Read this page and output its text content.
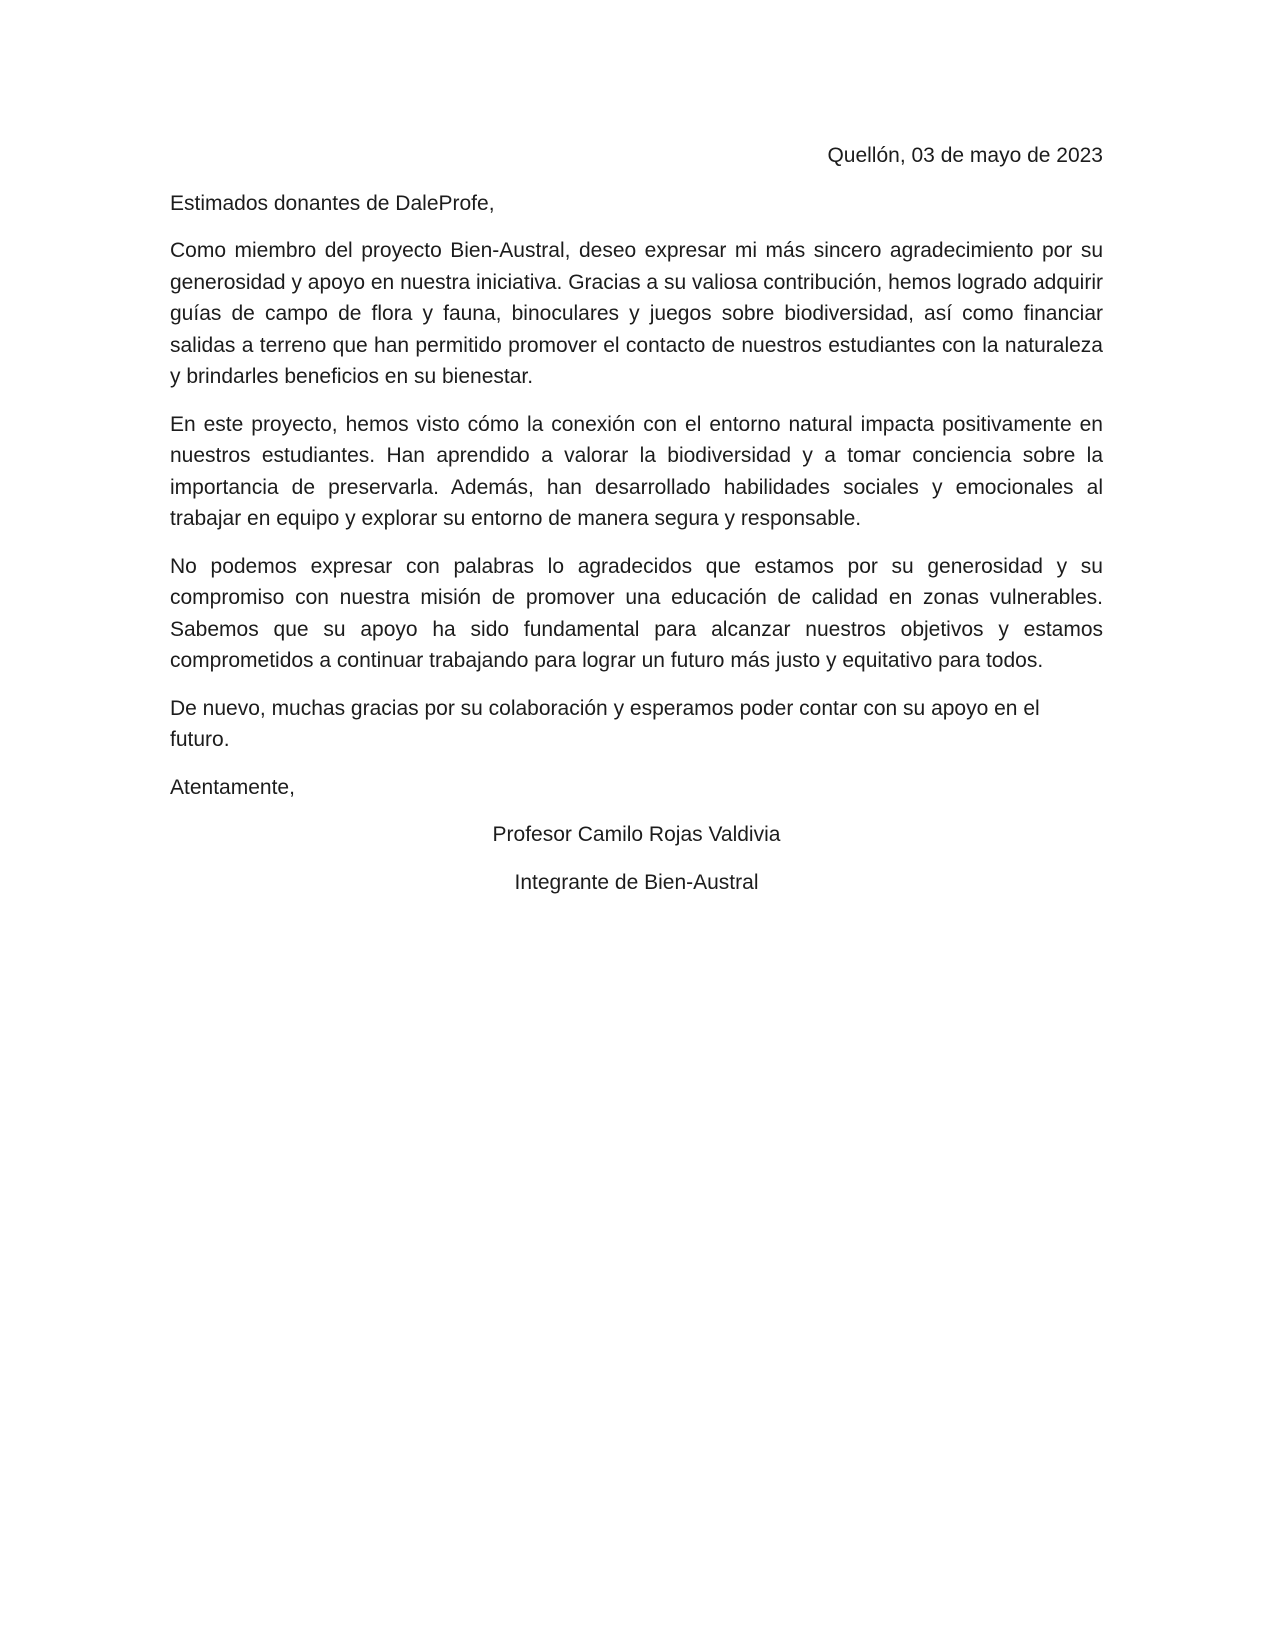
Quellón, 03 de mayo de 2023

Estimados donantes de DaleProfe,

Como miembro del proyecto Bien-Austral, deseo expresar mi más sincero agradecimiento por su generosidad y apoyo en nuestra iniciativa. Gracias a su valiosa contribución, hemos logrado adquirir guías de campo de flora y fauna, binoculares y juegos sobre biodiversidad, así como financiar salidas a terreno que han permitido promover el contacto de nuestros estudiantes con la naturaleza y brindarles beneficios en su bienestar.

En este proyecto, hemos visto cómo la conexión con el entorno natural impacta positivamente en nuestros estudiantes. Han aprendido a valorar la biodiversidad y a tomar conciencia sobre la importancia de preservarla. Además, han desarrollado habilidades sociales y emocionales al trabajar en equipo y explorar su entorno de manera segura y responsable.

No podemos expresar con palabras lo agradecidos que estamos por su generosidad y su compromiso con nuestra misión de promover una educación de calidad en zonas vulnerables. Sabemos que su apoyo ha sido fundamental para alcanzar nuestros objetivos y estamos comprometidos a continuar trabajando para lograr un futuro más justo y equitativo para todos.

De nuevo, muchas gracias por su colaboración y esperamos poder contar con su apoyo en el futuro.

Atentamente,

Profesor Camilo Rojas Valdivia

Integrante de Bien-Austral
